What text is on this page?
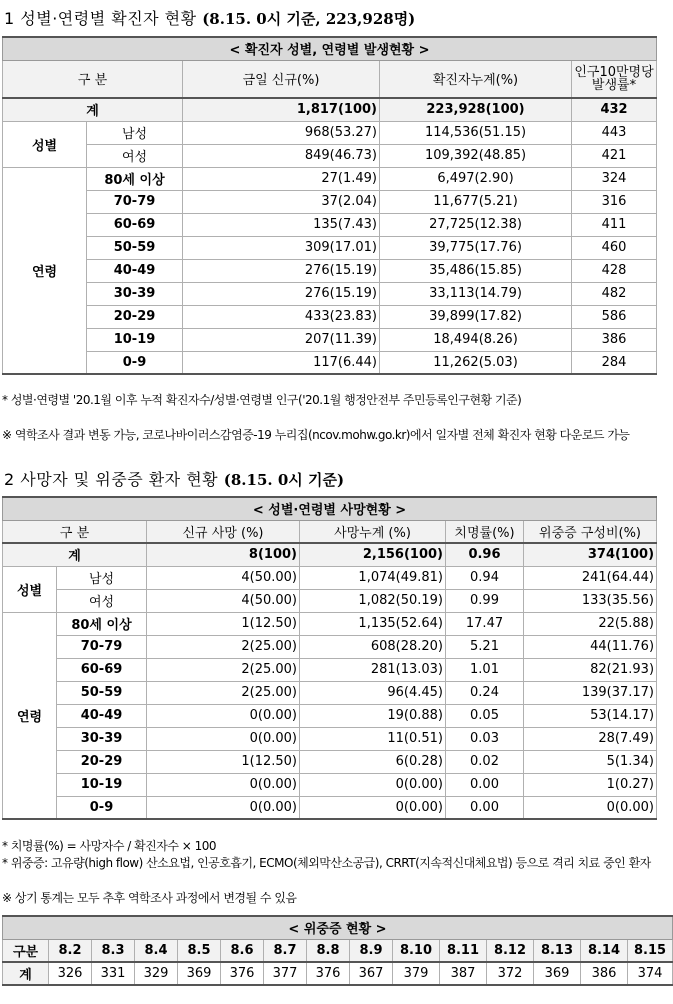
1 성별·연령별 확진자 현황 (8.15. 0시 기준, 223,928명)
< 확진자 성별, 연령별 발생현황 >				
구 분		금일 신규(%)	확진자누계(%)	인구10만명당
발생률*

계		1,817(100)	223,928(100)	432
성별	남성	968(53.27)	114,536(51.15)	443
	여성	849(46.73)	109,392(48.85)	421
연령	80세 이상	27(1.49)	6,497(2.90)	324
	70-79	37(2.04)	11,677(5.21)	316
	60-69	135(7.43)	27,725(12.38)	411
	50-59	309(17.01)	39,775(17.76)	460
	40-49	276(15.19)	35,486(15.85)	428
	30-39	276(15.19)	33,113(14.79)	482
	20-29	433(23.83)	39,899(17.82)	586
	10-19	207(11.39)	18,494(8.26)	386
	0-9	117(6.44)	11,262(5.03)	284
* 성별·연령별 '20.1월 이후 누적 확진자수/성별·연령별 인구('20.1월 행정안전부 주민등록인구현황 기준)
※ 역학조사 결과 변동 가능, 코로나바이러스감염증-19 누리집(ncov.mohw.go.kr)에서 일자별 전체 확진자 현황 다운로드 가능
2 사망자 및 위중증 환자 현황 (8.15. 0시 기준)
< 성별·연령별 사망현황 >					
구 분		신규 사망 (%)	사망누계 (%)	치명률(%)	위중증 구성비(%)
계		8(100)	2,156(100)	0.96	374(100)
성별	남성	4(50.00)	1,074(49.81)	0.94	241(64.44)
	여성	4(50.00)	1,082(50.19)	0.99	133(35.56)
연령	80세 이상	1(12.50)	1,135(52.64)	17.47	22(5.88)
	70-79	2(25.00)	608(28.20)	5.21	44(11.76)
	60-69	2(25.00)	281(13.03)	1.01	82(21.93)
	50-59	2(25.00)	96(4.45)	0.24	139(37.17)
	40-49	0(0.00)	19(0.88)	0.05	53(14.17)
	30-39	0(0.00)	11(0.51)	0.03	28(7.49)
	20-29	1(12.50)	6(0.28)	0.02	5(1.34)
	10-19	0(0.00)	0(0.00)	0.00	1(0.27)
	0-9	0(0.00)	0(0.00)	0.00	0(0.00)
* 치명률(%) = 사망자수 / 확진자수 × 100
* 위중증: 고유량(high flow) 산소요법, 인공호흡기, ECMO(체외막산소공급), CRRT(지속적신대체요법) 등으로 격리 치료 중인 환자
※ 상기 통계는 모두 추후 역학조사 과정에서 변경될 수 있음
< 위중증 현황 >														
구분	8.2	8.3	8.4	8.5	8.6	8.7	8.8	8.9	8.10	8.11	8.12	8.13	8.14	8.15
계	326	331	329	369	376	377	376	367	379	387	372	369	386	374
